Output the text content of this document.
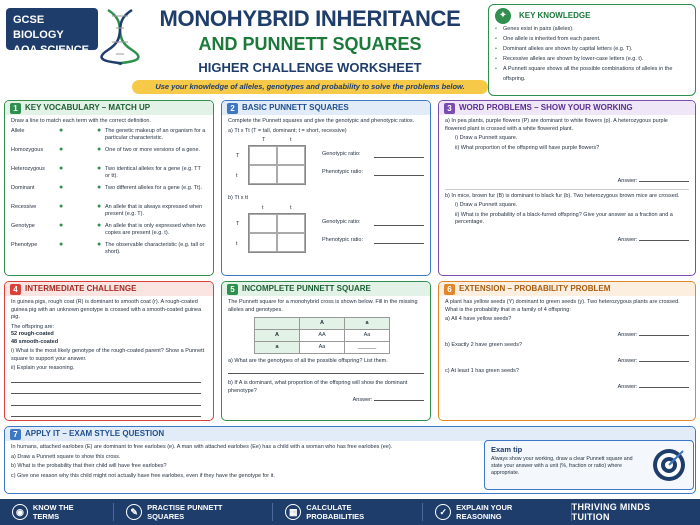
GCSE BIOLOGY
AQA SCIENCE
MONOHYBRID INHERITANCE
AND PUNNETT SQUARES
HIGHER CHALLENGE WORKSHEET
Use your knowledge of alleles, genotypes and probability to solve the problems below.
✦	KEY KNOWLEDGE
• Genes exist in pairs (alleles).
• One allele is inherited from each parent.
• Dominant alleles are shown by capital letters (e.g. T).
• Recessive alleles are shown by lower-case letters (e.g. t).
• A Punnett square shows all the possible combinations of alleles in the offspring.
1 KEY VOCABULARY – MATCH UP

Draw a line to match each term with the correct definition.

Allele	●	● The genetic makeup of an organism for a particular characteristic.
Homozygous	●	● One of two or more versions of a gene.
Heterozygous	●	● Two identical alleles for a gene (e.g. TT or tt).
Dominant	●	● Two different alleles for a gene (e.g. Tt).
Recessive	●	● An allele that is always expressed when present (e.g. T).
Genotype	●	● An allele that is only expressed when two copies are present (e.g. t).
Phenotype	●	● The observable characteristic (e.g. tall or short).
2 BASIC PUNNETT SQUARES

Complete the Punnett squares and give the genotypic and phenotypic ratios.

a) Tt x Tt (T = tall, dominant; t = short, recessive)

T	t
T
t
Genotypic ratio:
Phenotypic ratio:

b) Tt x tt

t	t
T
t
Genotypic ratio:
Phenotypic ratio:
3 WORD PROBLEMS – SHOW YOUR WORKING

a) In pea plants, purple flowers (P) are dominant to white flowers (p). A heterozygous purple flowered plant is crossed with a white flowered plant.

i) Draw a Punnett square.

ii) What proportion of the offspring will have purple flowers?

Answer:

b) In mice, brown fur (B) is dominant to black fur (b). Two heterozygous brown mice are crossed.

i) Draw a Punnett square.

ii) What is the probability of a black-furred offspring? Give your answer as a fraction and a percentage.

Answer:
4 INTERMEDIATE CHALLENGE

In guinea pigs, rough coat (R) is dominant to smooth coat (r). A rough-coated guinea pig with an unknown genotype is crossed with a smooth-coated guinea pig.

The offspring are:

52 rough-coated

48 smooth-coated

i) What is the most likely genotype of the rough-coated parent? Show a Punnett square to support your answer.

ii) Explain your reasoning.

5 INCOMPLETE PUNNETT SQUARE

The Punnett square for a monohybrid cross is shown below. Fill in the missing alleles and genotypes.

	A	a
A	AA	Aa
a	Aa	______

a) What are the genotypes of all the possible offspring? List them.

b) If A is dominant, what proportion of the offspring will show the dominant phenotype?

Answer:
6 EXTENSION – PROBABILITY PROBLEM

A plant has yellow seeds (Y) dominant to green seeds (y). Two heterozygous plants are crossed. What is the probability that in a family of 4 offspring:

a) All 4 have yellow seeds?

Answer:

b) Exactly 2 have green seeds?

Answer:

c) At least 1 has green seeds?

Answer:
7 APPLY IT – EXAM STYLE QUESTION

In humans, attached earlobes (E) are dominant to free earlobes (e). A man with attached earlobes (Ee) has a child with a woman who has free earlobes (ee).

a) Draw a Punnett square to show this cross.

b) What is the probability that their child will have free earlobes?

c) Give one reason why this child might not actually have free earlobes, even if they have the genotype for it.

Exam tip

Always show your working, draw a clear Punnett square and state your answer with a unit (%, fraction or ratio) where appropriate.

◉	KNOW THE TERMS	✎	PRACTISE PUNNETT SQUARES	▦	CALCULATE PROBABILITIES	✓	EXPLAIN YOUR REASONING
THRIVING MINDS TUITION
